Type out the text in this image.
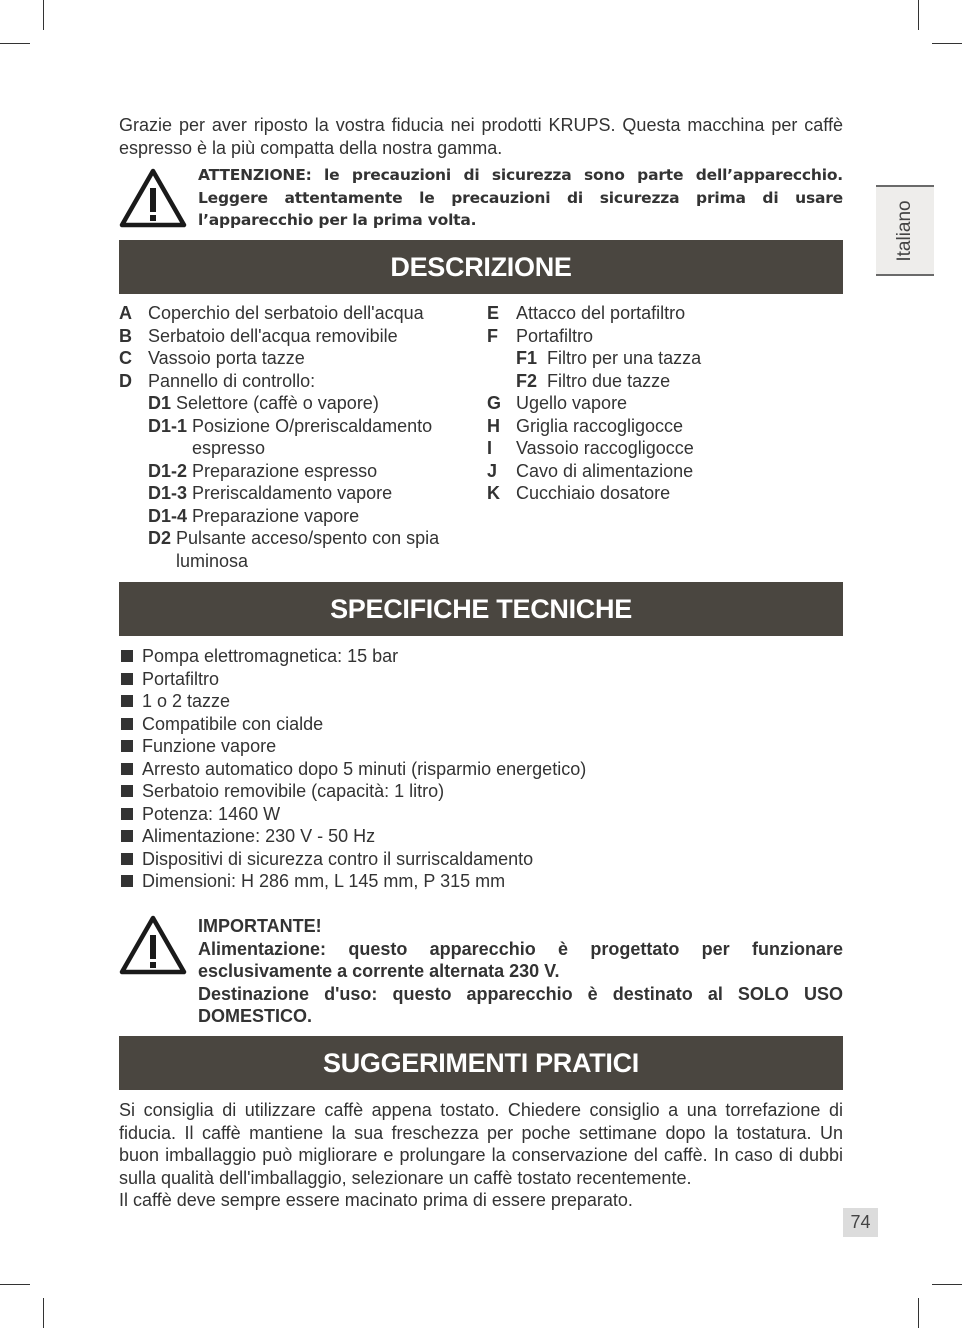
Italiano
Grazie per aver riposto la vostra fiducia nei prodotti KRUPS. Questa macchina per caffè espresso è la più compatta della nostra gamma.
ATTENZIONE: le precauzioni di sicurezza sono parte dell’apparecchio. Leggere attentamente le precauzioni di sicurezza prima di usare l’apparecchio per la prima volta.
DESCRIZIONE
A Coperchio del serbatoio dell'acqua
B Serbatoio dell'acqua removibile
C Vassoio porta tazze
D Pannello di controllo:
D1 Selettore (caffè o vapore)
D1-1 Posizione O/preriscaldamento espresso
D1-2 Preparazione espresso
D1-3 Preriscaldamento vapore
D1-4 Preparazione vapore
D2 Pulsante acceso/spento con spia luminosa
E Attacco del portafiltro
F	Portafiltro
F1 Filtro per una tazza
F2 Filtro due tazze
G Ugello vapore
H Griglia raccogligocce
I	Vassoio raccogligocce
J	Cavo di alimentazione
K Cucchiaio dosatore
SPECIFICHE TECNICHE
Pompa elettromagnetica: 15 bar
Portafiltro
1 o 2 tazze
Compatibile con cialde
Funzione vapore
Arresto automatico dopo 5 minuti (risparmio energetico)
Serbatoio removibile (capacità: 1 litro)
Potenza: 1460 W
Alimentazione: 230 V - 50 Hz
Dispositivi di sicurezza contro il surriscaldamento
Dimensioni: H 286 mm, L 145 mm, P 315 mm
IMPORTANTE!
Alimentazione: questo apparecchio è progettato per funzionare esclusivamente a corrente alternata 230 V.
Destinazione d'uso: questo apparecchio è destinato al SOLO USO DOMESTICO.
SUGGERIMENTI PRATICI

Si consiglia di utilizzare caffè appena tostato. Chiedere consiglio a una torrefazione di fiducia. Il caffè mantiene la sua freschezza per poche settimane dopo la tostatura. Un buon imballaggio può migliorare e prolungare la conservazione del caffè. In caso di dubbi sulla qualità dell'imballaggio, selezionare un caffè tostato recentemente.

Il caffè deve sempre essere macinato prima di essere preparato.

74
